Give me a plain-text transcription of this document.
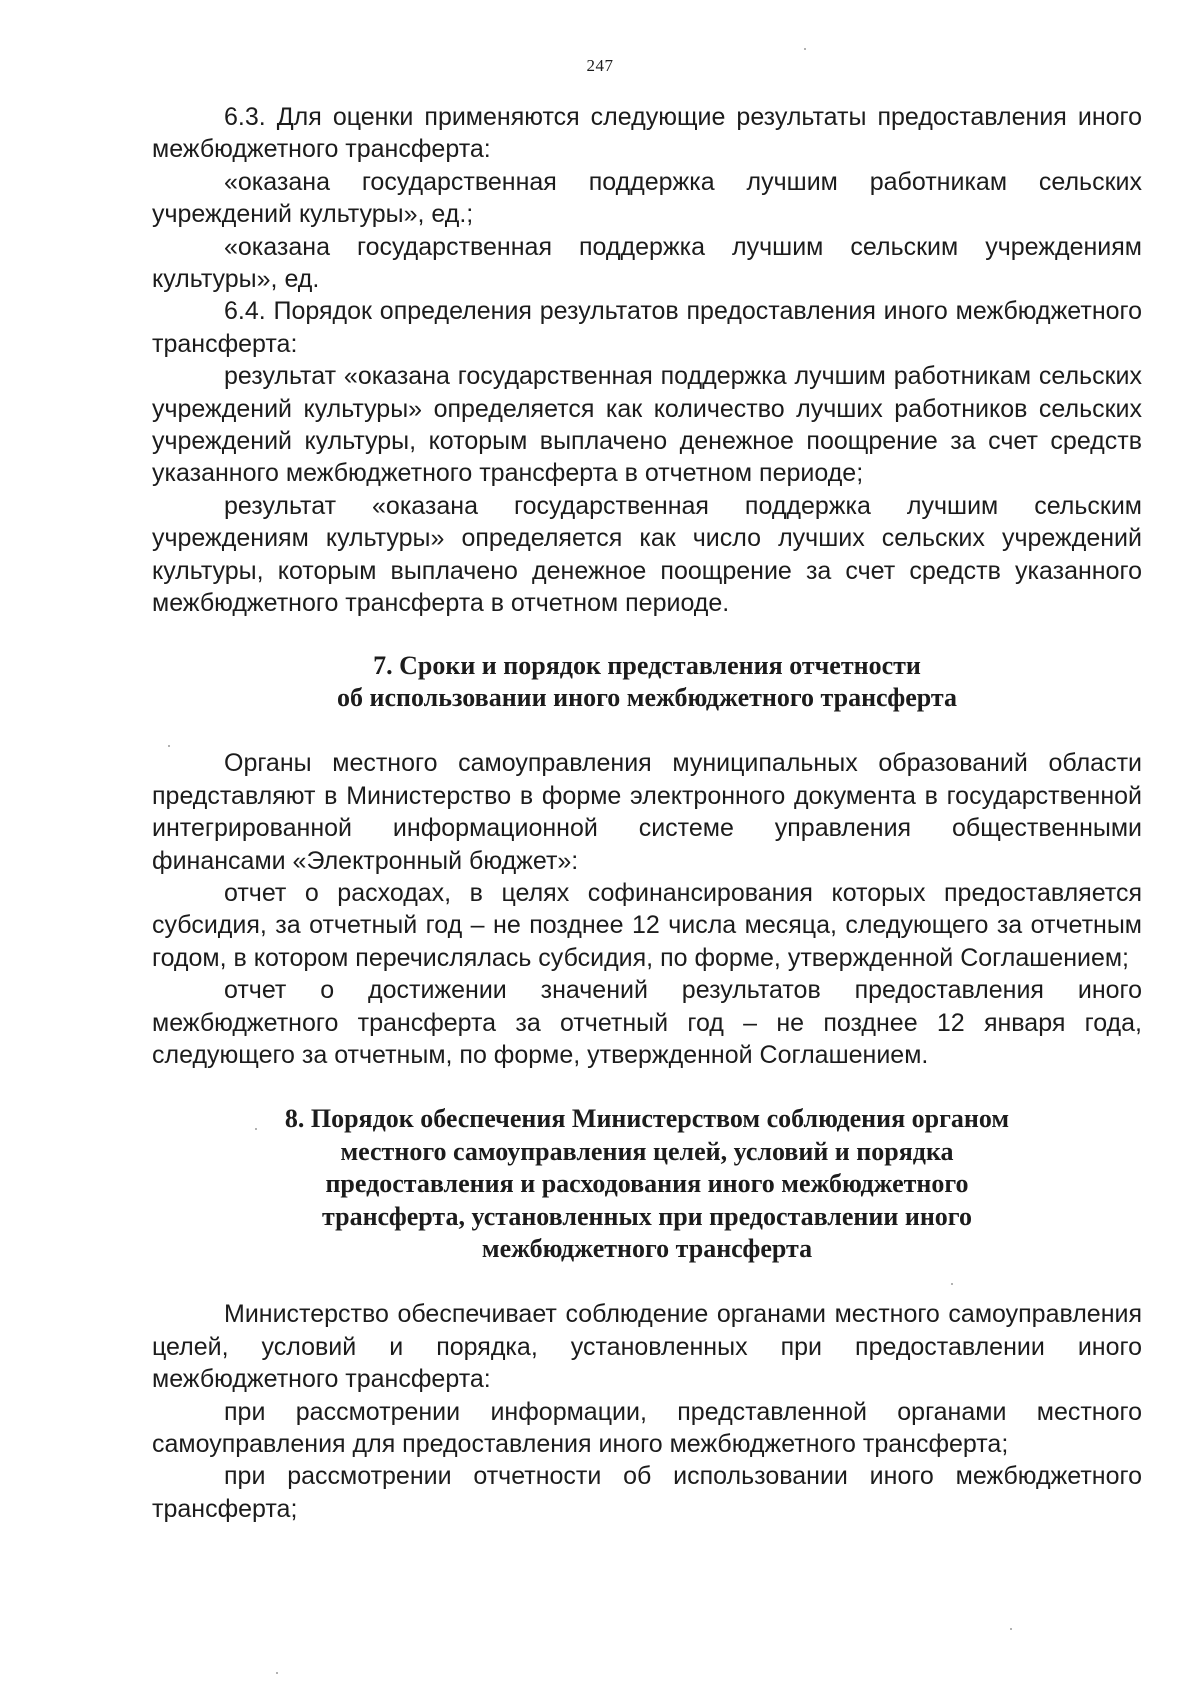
247

6.3. Для оценки применяются следующие результаты предоставления иного межбюджетного трансферта:

«оказана государственная поддержка лучшим работникам сельских учреждений культуры», ед.;

«оказана государственная поддержка лучшим сельским учреждениям культуры», ед.

6.4. Порядок определения результатов предоставления иного межбюджетного трансферта:

результат «оказана государственная поддержка лучшим работникам сельских учреждений культуры» определяется как количество лучших работников сельских учреждений культуры, которым выплачено денежное поощрение за счет средств указанного межбюджетного трансферта в отчетном периоде;

результат «оказана государственная поддержка лучшим сельским учреждениям культуры» определяется как число лучших сельских учреждений культуры, которым выплачено денежное поощрение за счет средств указанного межбюджетного трансферта в отчетном периоде.

7. Сроки и порядок представления отчетности
об использовании иного межбюджетного трансферта

Органы местного самоуправления муниципальных образований области представляют в Министерство в форме электронного документа в государственной интегрированной информационной системе управления общественными финансами «Электронный бюджет»:

отчет о расходах, в целях софинансирования которых предоставляется субсидия, за отчетный год – не позднее 12 числа месяца, следующего за отчетным годом, в котором перечислялась субсидия, по форме, утвержденной Соглашением;

отчет о достижении значений результатов предоставления иного межбюджетного трансферта за отчетный год – не позднее 12 января года, следующего за отчетным, по форме, утвержденной Соглашением.

8. Порядок обеспечения Министерством соблюдения органом
местного самоуправления целей, условий и порядка
предоставления и расходования иного межбюджетного
трансферта, установленных при предоставлении иного
межбюджетного трансферта

Министерство обеспечивает соблюдение органами местного самоуправления целей, условий и порядка, установленных при предоставлении иного межбюджетного трансферта:

при рассмотрении информации, представленной органами местного самоуправления для предоставления иного межбюджетного трансферта;

при рассмотрении отчетности об использовании иного межбюджетного трансферта;
